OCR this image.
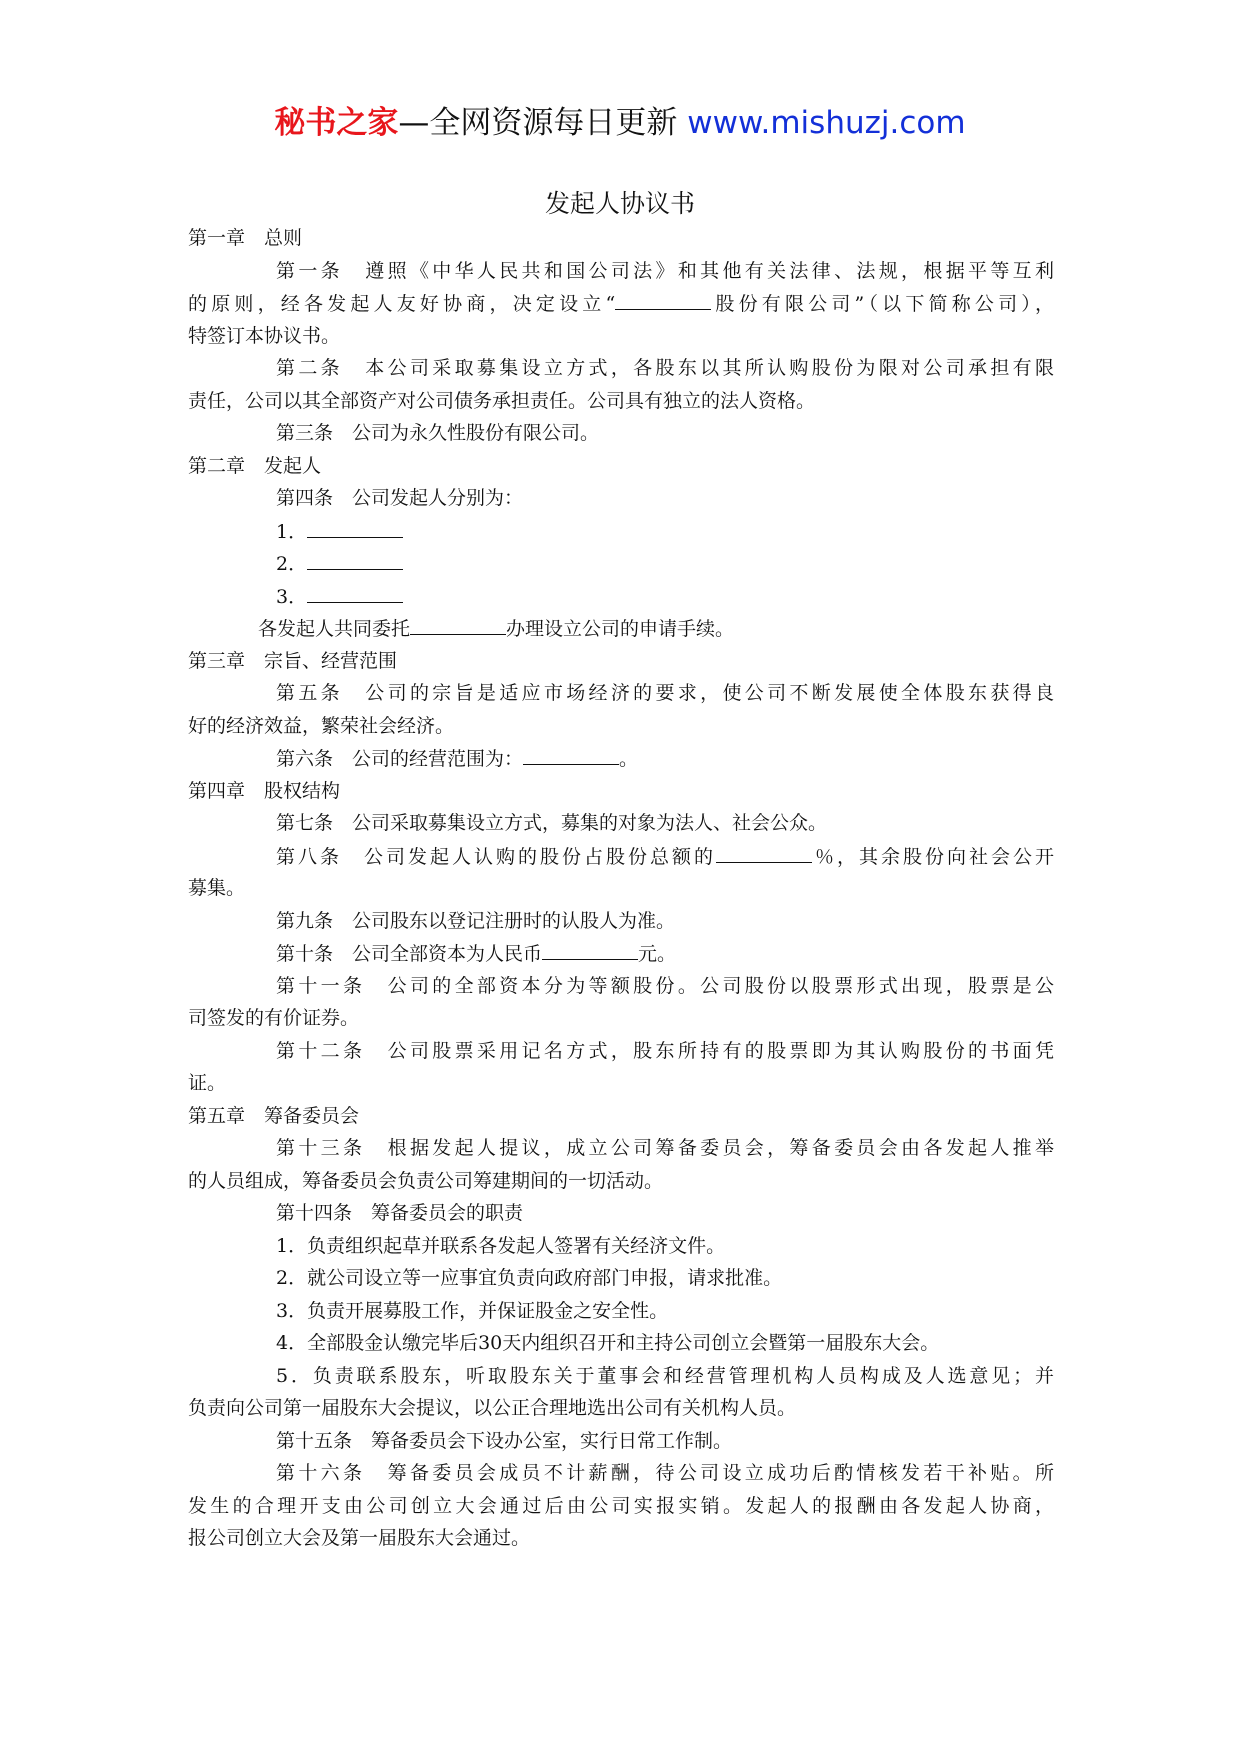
秘书之家—全网资源每日更新 www.mishuzj.com
发起人协议书
第一章　总则
第一条　遵照《中华人民共和国公司法》和其他有关法律、法规，根据平等互利
的原则，经各发起人友好协商，决定设立“	股份有限公司”（以下简称公司），
特签订本协议书。
第二条　本公司采取募集设立方式，各股东以其所认购股份为限对公司承担有限
责任，公司以其全部资产对公司债务承担责任。公司具有独立的法人资格。
第三条　公司为永久性股份有限公司。
第二章　发起人
第四条　公司发起人分别为：
1．
2．
3．
各发起人共同委托	办理设立公司的申请手续。
第三章　宗旨、经营范围
第五条　公司的宗旨是适应市场经济的要求，使公司不断发展使全体股东获得良
好的经济效益，繁荣社会经济。
第六条　公司的经营范围为：	。
第四章　股权结构
第七条　公司采取募集设立方式，募集的对象为法人、社会公众。
第八条　公司发起人认购的股份占股份总额的	％，其余股份向社会公开
募集。
第九条　公司股东以登记注册时的认股人为准。
第十条　公司全部资本为人民币	元。
第十一条　公司的全部资本分为等额股份。公司股份以股票形式出现，股票是公
司签发的有价证券。
第十二条　公司股票采用记名方式，股东所持有的股票即为其认购股份的书面凭
证。
第五章　筹备委员会
第十三条　根据发起人提议，成立公司筹备委员会，筹备委员会由各发起人推举
的人员组成，筹备委员会负责公司筹建期间的一切活动。
第十四条　筹备委员会的职责
1．负责组织起草并联系各发起人签署有关经济文件。
2．就公司设立等一应事宜负责向政府部门申报，请求批准。
3．负责开展募股工作，并保证股金之安全性。
4．全部股金认缴完毕后30天内组织召开和主持公司创立会暨第一届股东大会。
5．负责联系股东，听取股东关于董事会和经营管理机构人员构成及人选意见；并
负责向公司第一届股东大会提议，以公正合理地选出公司有关机构人员。
第十五条　筹备委员会下设办公室，实行日常工作制。
第十六条　筹备委员会成员不计薪酬，待公司设立成功后酌情核发若干补贴。所
发生的合理开支由公司创立大会通过后由公司实报实销。发起人的报酬由各发起人协商，
报公司创立大会及第一届股东大会通过。
